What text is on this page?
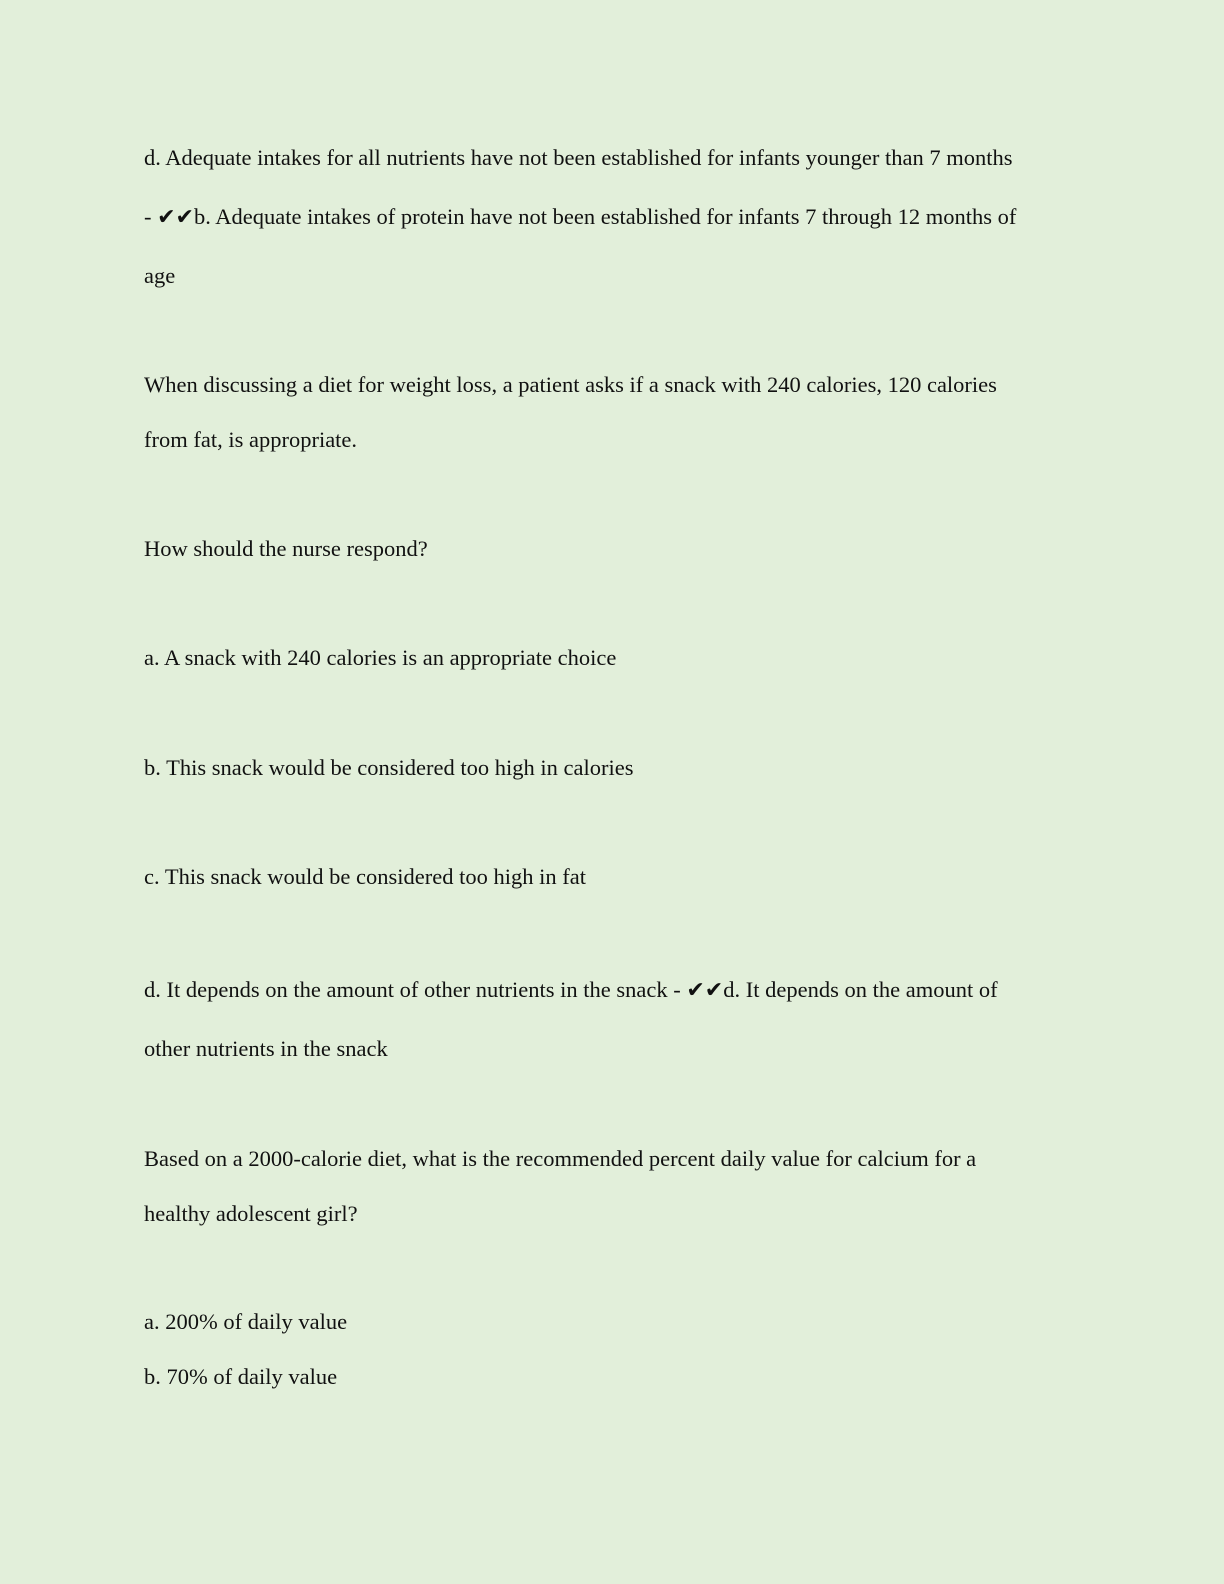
d. Adequate intakes for all nutrients have not been established for infants younger than 7 months
- ✔✔b. Adequate intakes of protein have not been established for infants 7 through 12 months of
age
When discussing a diet for weight loss, a patient asks if a snack with 240 calories, 120 calories
from fat, is appropriate.
How should the nurse respond?
a. A snack with 240 calories is an appropriate choice
b. This snack would be considered too high in calories
c. This snack would be considered too high in fat
d. It depends on the amount of other nutrients in the snack - ✔✔d. It depends on the amount of
other nutrients in the snack
Based on a 2000-calorie diet, what is the recommended percent daily value for calcium for a
healthy adolescent girl?
a. 200% of daily value
b. 70% of daily value
